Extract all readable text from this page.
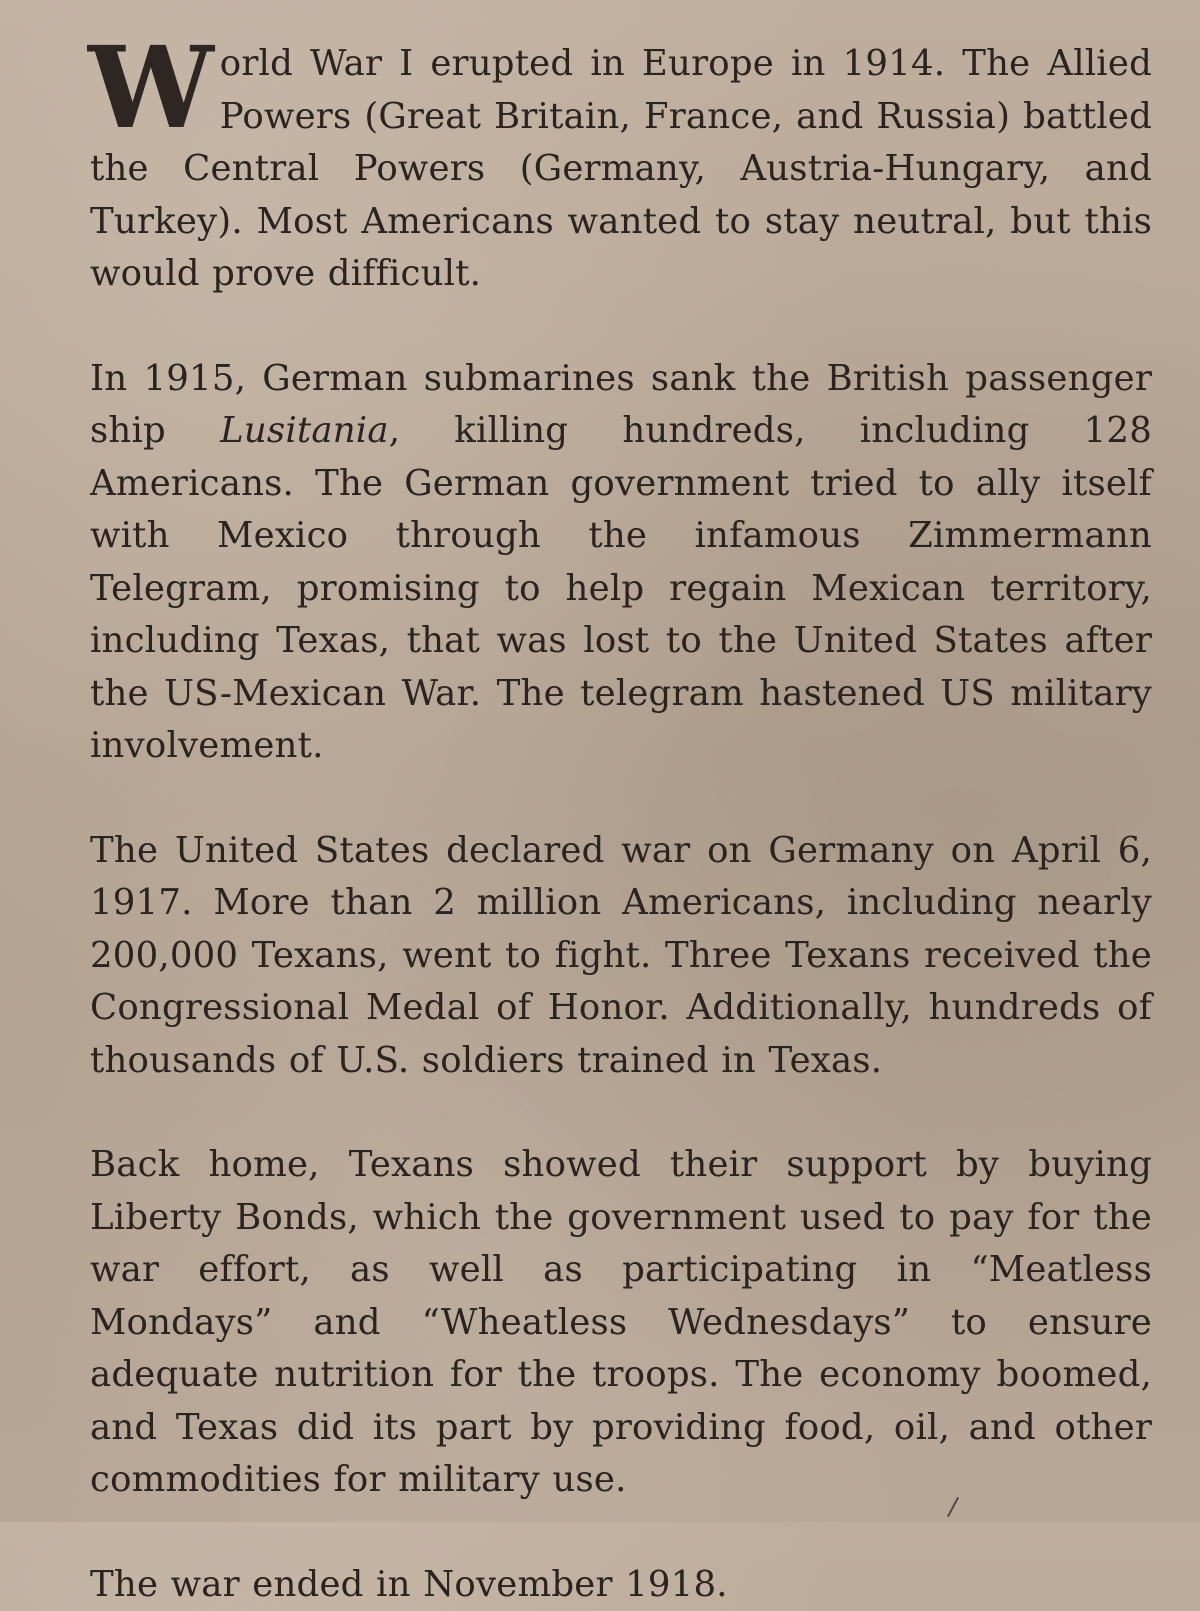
World War I erupted in Europe in 1914. The Allied Powers (Great Britain, France, and Russia) battled the Central Powers (Germany, Austria-Hungary, and Turkey). Most Americans wanted to stay neutral, but this would prove difficult.

In 1915, German submarines sank the British passenger ship Lusitania, killing hundreds, including 128 Americans. The German government tried to ally itself with Mexico through the infamous Zimmermann Telegram, promising to help regain Mexican territory, including Texas, that was lost to the United States after the US-Mexican War. The telegram hastened US military involvement.

The United States declared war on Germany on April 6, 1917. More than 2 million Americans, including nearly 200,000 Texans, went to fight. Three Texans received the Congressional Medal of Honor. Additionally, hundreds of thousands of U.S. soldiers trained in Texas.

Back home, Texans showed their support by buying Liberty Bonds, which the government used to pay for the war effort, as well as participating in “Meatless Mondays” and “Wheatless Wednesdays” to ensure adequate nutrition for the troops. The economy boomed, and Texas did its part by providing food, oil, and other commodities for military use.

The war ended in November 1918.
